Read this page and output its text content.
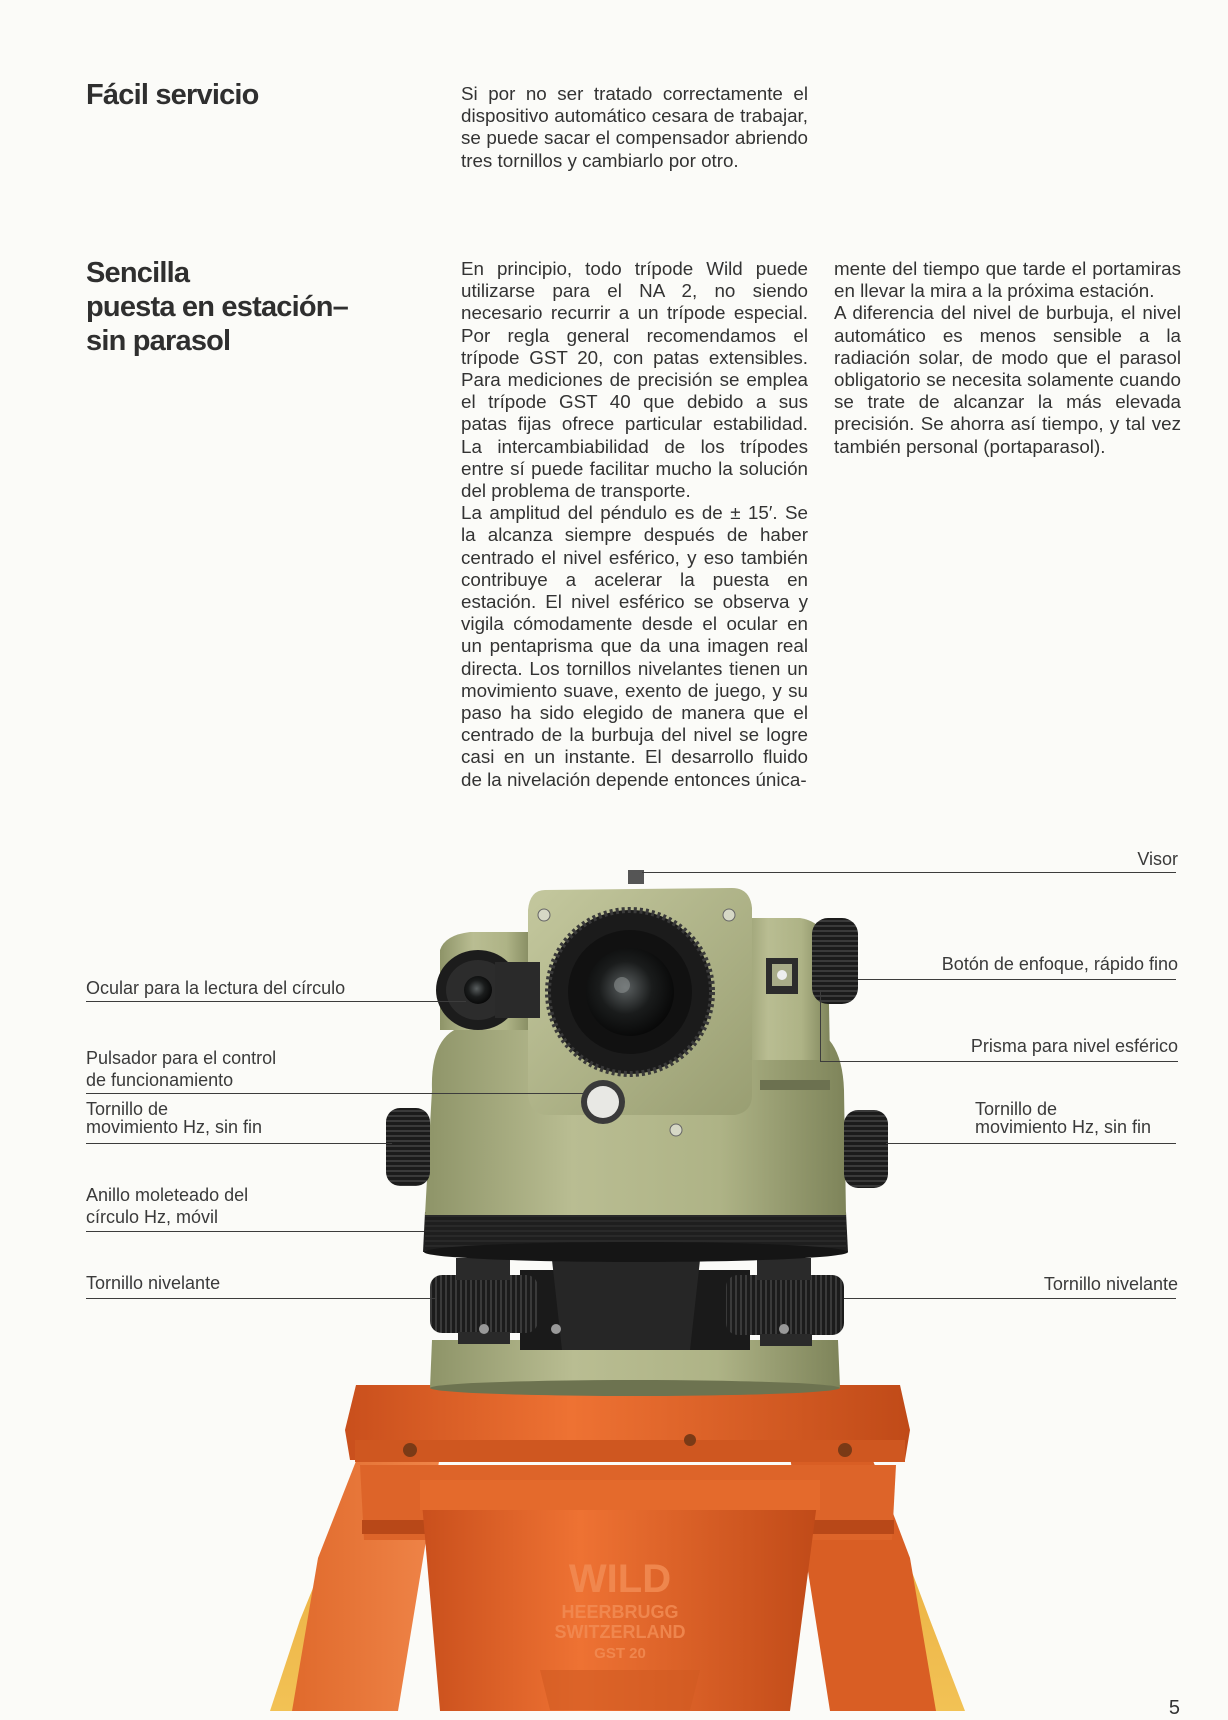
Fácil servicio	Si por no ser tratado correctamente el dispositivo automático cesara de trabajar, se puede sacar el compensador abriendo tres tornillos y cambiarlo por otro.

Sencilla
puesta en estación–
sin parasol

En principio, todo trípode Wild puede utilizarse para el NA 2, no siendo necesario recurrir a un trípode especial. Por regla general recomendamos el trípode GST 20, con patas extensibles. Para mediciones de precisión se emplea el trípode GST 40 que debido a sus patas fijas ofrece particular estabilidad. La intercambiabilidad de los trípodes entre sí puede facilitar mucho la solución del problema de transporte.

La amplitud del péndulo es de ± 15′. Se la alcanza siempre después de haber centrado el nivel esférico, y eso también contribuye a acelerar la puesta en estación. El nivel esférico se observa y vigila cómodamente desde el ocular en un pentaprisma que da una imagen real directa. Los tornillos nivelantes tienen un movimiento suave, exento de juego, y su paso ha sido elegido de manera que el centrado de la burbuja del nivel se logre casi en un instante. El desarrollo fluido de la nivelación depende entonces única-

mente del tiempo que tarde el portamiras en llevar la mira a la próxima estación.

A diferencia del nivel de burbuja, el nivel automático es menos sensible a la radiación solar, de modo que el parasol obligatorio se necesita solamente cuando se trate de alcanzar la más elevada precisión. Se ahorra así tiempo, y tal vez también personal (portaparasol).

WILD
HEERBRUGG
SWITZERLAND
GST 20
Visor
Ocular para la lectura del círculo
Botón de enfoque, rápido fino
Pulsador para el control
de funcionamiento
Prisma para nivel esférico
Tornillo de
movimiento Hz, sin fin
Tornillo de
movimiento Hz, sin fin
Anillo moleteado del
círculo Hz, móvil
Tornillo nivelante	Tornillo nivelante
5
